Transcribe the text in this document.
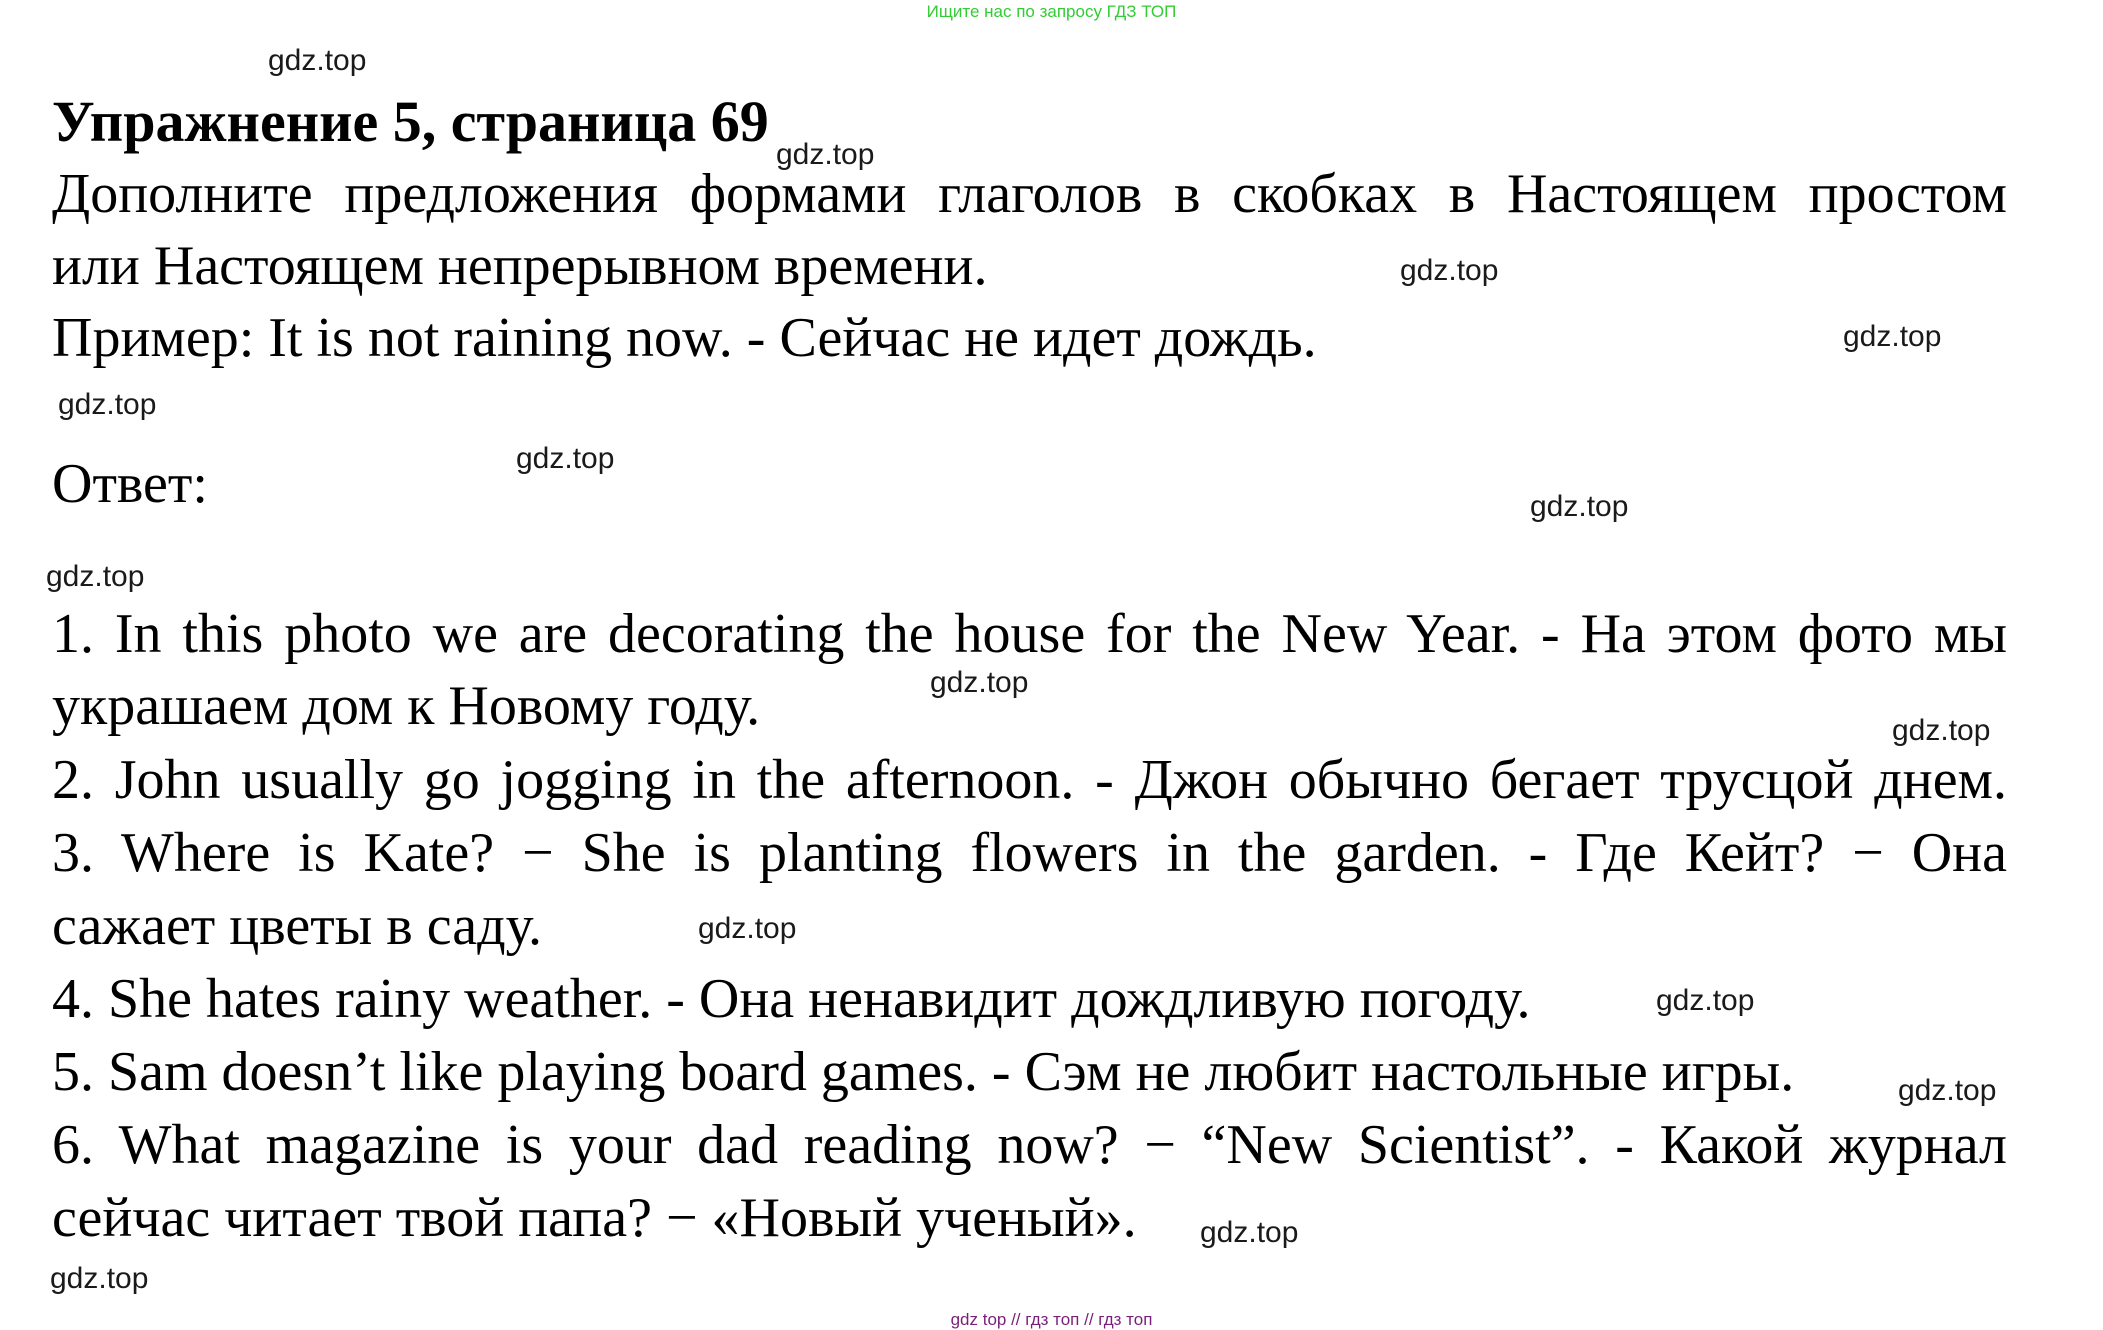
Ищите нас по запросу ГДЗ ТОП
gdz.top
Упражнение 5, страница 69
gdz.top
Дополните предложения формами глаголов в скобках в Настоящем простом
или Настоящем непрерывном времени.	gdz.top
Пример: It is not raining now. - Сейчас не идет дождь.	gdz.top
gdz.top
Ответ:	gdz.top
gdz.top
gdz.top
1. In this photo we are decorating the house for the New Year. - На этом фото мы
украшаем дом к Новому году.	gdz.top
gdz.top
2. John usually go jogging in the afternoon. - Джон обычно бегает трусцой днем.
3. Where is Kate? − She is planting flowers in the garden. - Где Кейт? − Она
сажает цветы в саду.	gdz.top
4. She hates rainy weather. - Она ненавидит дождливую погоду.	gdz.top
5. Sam doesn’t like playing board games. - Сэм не любит настольные игры.	gdz.top
6. What magazine is your dad reading now? − “New Scientist”. - Какой журнал
сейчас читает твой папа? − «Новый ученый».	gdz.top
gdz.top
gdz top // гдз топ // гдз топ
